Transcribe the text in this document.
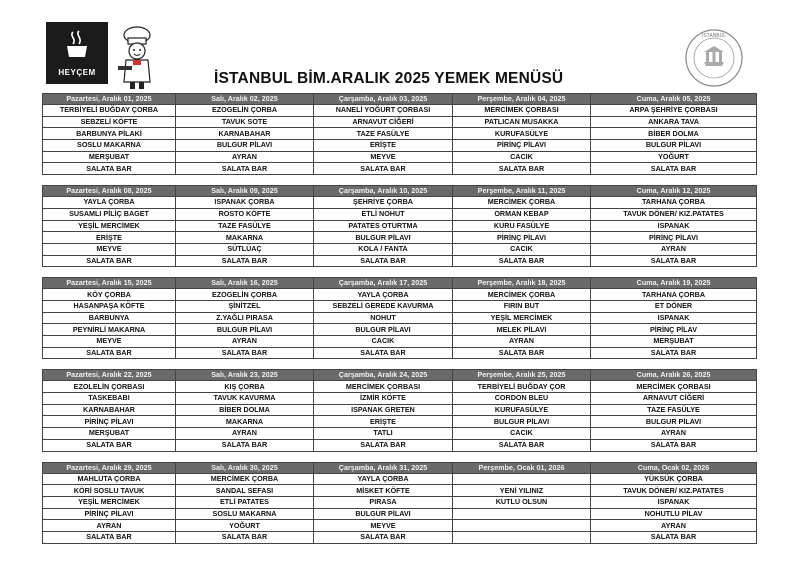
HEYÇEM	İSTANBUL BİM.ARALIK 2025 YEMEK MENÜSÜ
İSTANBUL
Pazartesi, Aralık 01, 2025	Salı, Aralık 02, 2025	Çarşamba, Aralık 03, 2025	Perşembe, Aralık 04, 2025	Cuma, Aralık 05, 2025
TERBİYELİ BUĞDAY ÇORBA	EZOGELİN ÇORBA	NANELİ YOĞURT ÇORBASI	MERCİMEK ÇORBASI	ARPA ŞEHRİYE ÇORBASI
SEBZELİ KÖFTE	TAVUK SOTE	ARNAVUT CİĞERİ	PATLICAN MUSAKKA	ANKARA TAVA
BARBUNYA PİLAKİ	KARNABAHAR	TAZE FASÜLYE	KURUFASÜLYE	BİBER DOLMA
SOSLU MAKARNA	BULGUR PİLAVI	ERİŞTE	PİRİNÇ PİLAVI	BULGUR PİLAVI
MERŞUBAT	AYRAN	MEYVE	CACIK	YOĞURT
SALATA BAR	SALATA BAR	SALATA BAR	SALATA BAR	SALATA BAR

Pazartesi, Aralık 08, 2025	Salı, Aralık 09, 2025	Çarşamba, Aralık 10, 2025	Perşembe, Aralık 11, 2025	Cuma, Aralık 12, 2025
YAYLA ÇORBA	ISPANAK ÇORBA	ŞEHRİYE ÇORBA	MERCİMEK ÇORBA	TARHANA ÇORBA
SUSAMLI PİLİÇ BAGET	ROSTO KÖFTE	ETLİ NOHUT	ORMAN KEBAP	TAVUK DÖNER/ KIZ.PATATES
YEŞİL MERCİMEK	TAZE FASÜLYE	PATATES OTURTMA	KURU FASÜLYE	ISPANAK
ERİŞTE	MAKARNA	BULGUR PİLAVI	PİRİNÇ PİLAVI	PİRİNÇ PİLAVI
MEYVE	SÜTLÜAÇ	KOLA / FANTA	CACIK	AYRAN
SALATA BAR	SALATA BAR	SALATA BAR	SALATA BAR	SALATA BAR

Pazartesi, Aralık 15, 2025	Salı, Aralık 16, 2025	Çarşamba, Aralık 17, 2025	Perşembe, Aralık 18, 2025	Cuma, Aralık 19, 2025
KÖY ÇORBA	EZOGELİN ÇORBA	YAYLA ÇORBA	MERCİMEK ÇORBA	TARHANA ÇORBA
HASANPAŞA KÖFTE	ŞİNİTZEL	SEBZELİ GEREDE KAVURMA	FIRIN BUT	ET DÖNER
BARBUNYA	Z.YAĞLI PIRASA	NOHUT	YEŞİL MERCİMEK	ISPANAK
PEYNİRLİ MAKARNA	BULGUR PİLAVI	BULGUR PİLAVI	MELEK PİLAVI	PİRİNÇ PİLAV
MEYVE	AYRAN	CACIK	AYRAN	MERŞUBAT
SALATA BAR	SALATA BAR	SALATA BAR	SALATA BAR	SALATA BAR

Pazartesi, Aralık 22, 2025	Salı, Aralık 23, 2025	Çarşamba, Aralık 24, 2025	Perşembe, Aralık 25, 2025	Cuma, Aralık 26, 2025
EZOLELİN ÇORBASI	KIŞ ÇORBA	MERCİMEK ÇORBASI	TERBİYELİ BUĞDAY ÇOR	MERCİMEK ÇORBASI
TASKEBABI	TAVUK KAVURMA	İZMİR KÖFTE	CORDON BLEU	ARNAVUT CİĞERİ
KARNABAHAR	BİBER DOLMA	ISPANAK GRETEN	KURUFASÜLYE	TAZE FASÜLYE
PİRİNÇ PİLAVI	MAKARNA	ERİŞTE	BULGUR PİLAVI	BULGUR PİLAVI
MERŞUBAT	AYRAN	TATLI	CACIK	AYRAN
SALATA BAR	SALATA BAR	SALATA BAR	SALATA BAR	SALATA BAR

Pazartesi, Aralık 29, 2025	Salı, Aralık 30, 2025	Çarşamba, Aralık 31, 2025	Perşembe, Ocak 01, 2026	Cuma, Ocak 02, 2026
MAHLUTA ÇORBA	MERCİMEK ÇORBA	YAYLA ÇORBA		YÜKSÜK ÇORBA
KÖRİ SOSLU TAVUK	SANDAL SEFASI	MİSKET KÖFTE	YENİ YILINIZ	TAVUK DÖNER/ KIZ.PATATES
YEŞİL MERCİMEK	ETLİ PATATES	PIRASA	KUTLU OLSUN	ISPANAK
PİRİNÇ PİLAVI	SOSLU MAKARNA	BULGUR PİLAVI		NOHUTLU PİLAV
AYRAN	YOĞURT	MEYVE		AYRAN
SALATA BAR	SALATA BAR	SALATA BAR		SALATA BAR
